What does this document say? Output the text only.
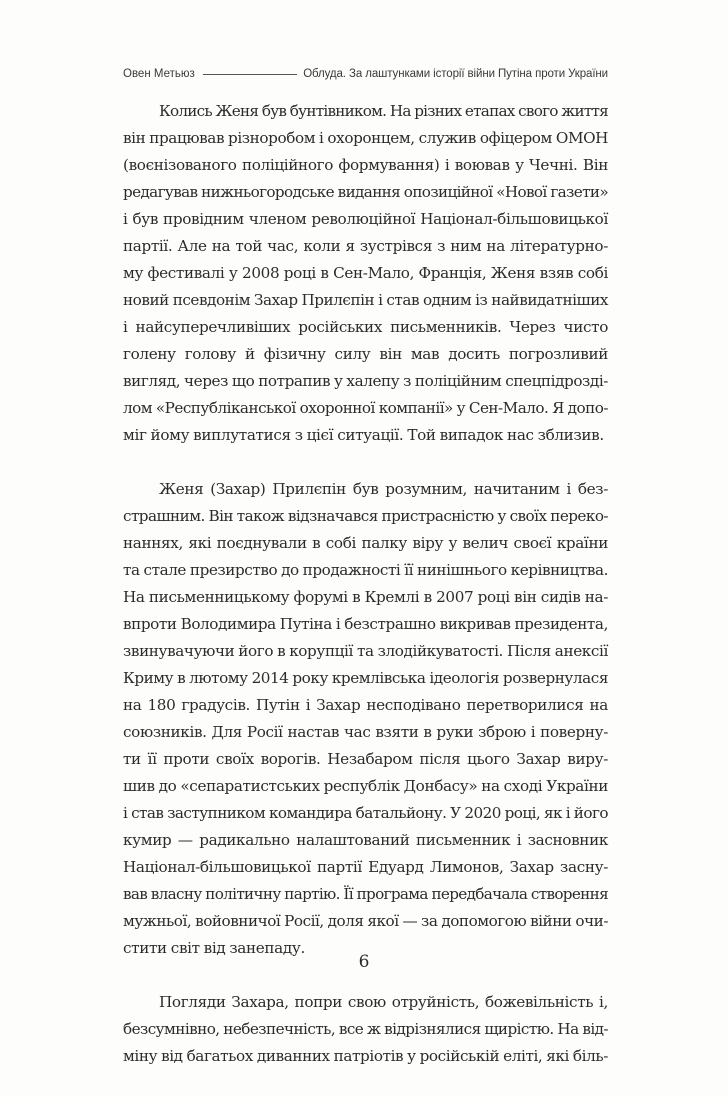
Овен Метьюз	Облуда. За лаштунками історії війни Путіна проти України
Колись Женя був бунтівником. На різних етапах свого життя
він працював різноробом і охоронцем, служив офіцером ОМОН
(воєнізованого поліційного формування) і воював у Чечні. Він
редагував нижньогородське видання опозиційної «Нової газети»
і був провідним членом революційної Націонал-більшовицької
партії. Але на той час, коли я зустрівся з ним на літературно-
му фестивалі у 2008 році в Сен-Мало, Франція, Женя взяв собі
новий псевдонім Захар Прилєпін і став одним із найвидатніших
і найсуперечливіших російських письменників. Через чисто
голену голову й фізичну силу він мав досить погрозливий
вигляд, через що потрапив у халепу з поліційним спецпідрозді-
лом «Республіканської охоронної компанії» у Сен-Мало. Я допо-
міг йому виплутатися з цієї ситуації. Той випадок нас зблизив.
Женя (Захар) Прилєпін був розумним, начитаним і без-
страшним. Він також відзначався пристрасністю у своїх переко-
наннях, які поєднували в собі палку віру у велич своєї країни
та стале презирство до продажності її нинішнього керівництва.
На письменницькому форумі в Кремлі в 2007 році він сидів на-
впроти Володимира Путіна і безстрашно викривав президента,
звинувачуючи його в корупції та злодійкуватості. Після анексії
Криму в лютому 2014 року кремлівська ідеологія розвернулася
на 180 градусів. Путін і Захар несподівано перетворилися на
союзників. Для Росії настав час взяти в руки зброю і поверну-
ти її проти своїх ворогів. Незабаром після цього Захар виру-
шив до «сепаратистських республік Донбасу» на сході України
і став заступником командира батальйону. У 2020 році, як і його
кумир — радикально налаштований письменник і засновник
Націонал-більшовицької партії Едуард Лимонов, Захар засну-
вав власну політичну партію. Її програма передбачала створення
мужньої, войовничої Росії, доля якої — за допомогою війни очи-
стити світ від занепаду.
Погляди Захара, попри свою отруйність, божевільність і,
безсумнівно, небезпечність, все ж відрізнялися щирістю. На від-
міну від багатьох диванних патріотів у російській еліті, які біль-
6
